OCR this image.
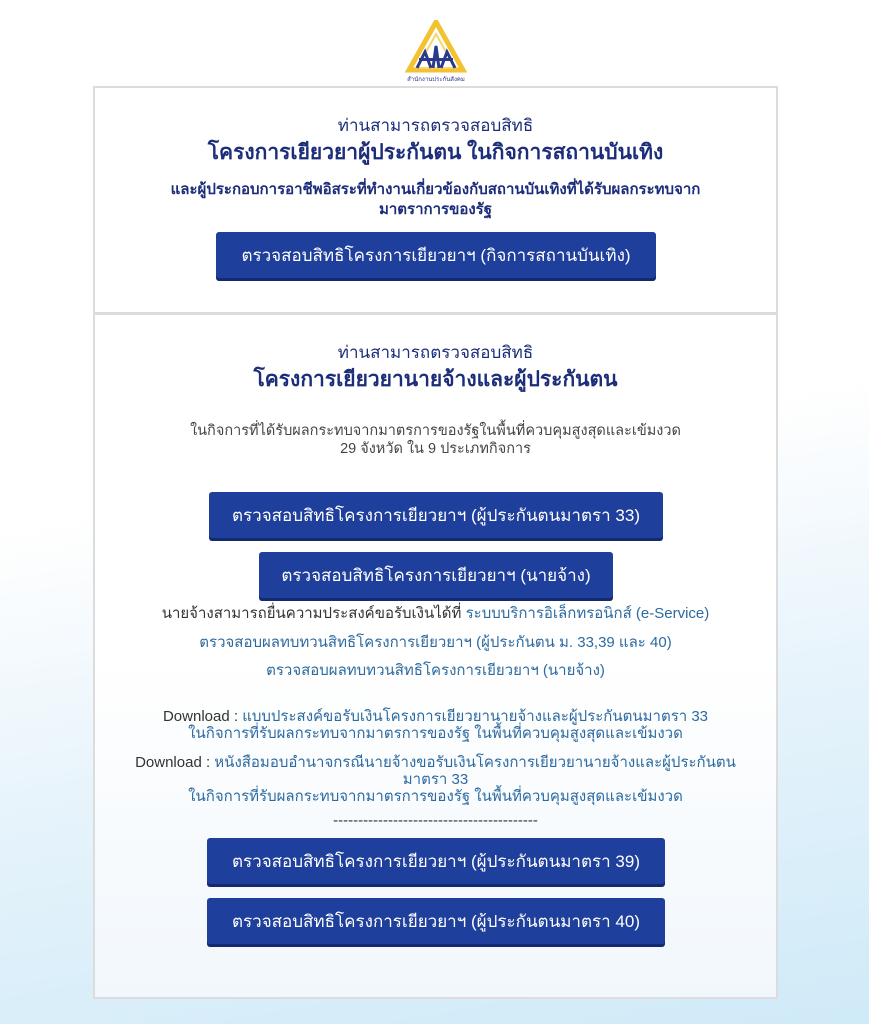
สำนักงานประกันสังคม
ท่านสามารถตรวจสอบสิทธิ
โครงการเยียวยาผู้ประกันตน ในกิจการสถานบันเทิง
และผู้ประกอบการอาชีพอิสระที่ทำงานเกี่ยวข้องกับสถานบันเทิงที่ได้รับผลกระทบจาก
มาตราการของรัฐ
ตรวจสอบสิทธิโครงการเยียวยาฯ (กิจการสถานบันเทิง)
ท่านสามารถตรวจสอบสิทธิ
โครงการเยียวยานายจ้างและผู้ประกันตน
ในกิจการที่ได้รับผลกระทบจากมาตรการของรัฐในพื้นที่ควบคุมสูงสุดและเข้มงวด
29 จังหวัด ใน 9 ประเภทกิจการ
ตรวจสอบสิทธิโครงการเยียวยาฯ (ผู้ประกันตนมาตรา 33)
ตรวจสอบสิทธิโครงการเยียวยาฯ (นายจ้าง)
นายจ้างสามารถยื่นความประสงค์ขอรับเงินได้ที่ ระบบบริการอิเล็กทรอนิกส์ (e-Service)
ตรวจสอบผลทบทวนสิทธิโครงการเยียวยาฯ (ผู้ประกันตน ม. 33,39 และ 40)
ตรวจสอบผลทบทวนสิทธิโครงการเยียวยาฯ (นายจ้าง)
Download : แบบประสงค์ขอรับเงินโครงการเยียวยานายจ้างและผู้ประกันตนมาตรา 33
ในกิจการที่รับผลกระทบจากมาตรการของรัฐ ในพื้นที่ควบคุมสูงสุดและเข้มงวด
Download : หนังสือมอบอำนาจกรณีนายจ้างขอรับเงินโครงการเยียวยานายจ้างและผู้ประกันตน
มาตรา 33
ในกิจการที่รับผลกระทบจากมาตรการของรัฐ ในพื้นที่ควบคุมสูงสุดและเข้มงวด
-----------------------------------------
ตรวจสอบสิทธิโครงการเยียวยาฯ (ผู้ประกันตนมาตรา 39)
ตรวจสอบสิทธิโครงการเยียวยาฯ (ผู้ประกันตนมาตรา 40)
